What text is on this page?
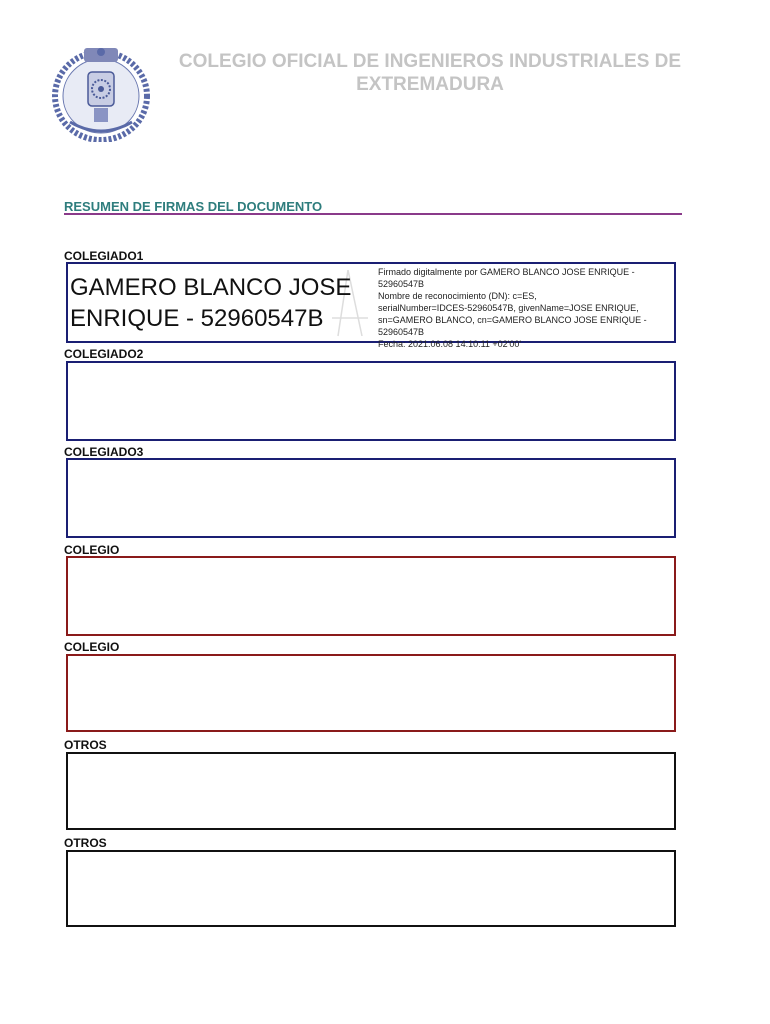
COLEGIO OFICIAL DE INGENIEROS INDUSTRIALES DE
EXTREMADURA
RESUMEN DE FIRMAS DEL DOCUMENTO
COLEGIADO1
GAMERO BLANCO JOSE
ENRIQUE - 52960547B
Firmado digitalmente por GAMERO BLANCO JOSE ENRIQUE -
52960547B
Nombre de reconocimiento (DN): c=ES,
serialNumber=IDCES-52960547B, givenName=JOSE ENRIQUE,
sn=GAMERO BLANCO, cn=GAMERO BLANCO JOSE ENRIQUE -
52960547B
Fecha: 2021.06.08 14:10:11 +02'00'
COLEGIADO2
COLEGIADO3
COLEGIO
COLEGIO
OTROS
OTROS
